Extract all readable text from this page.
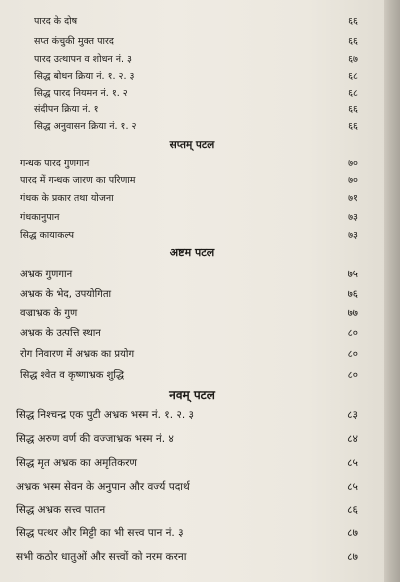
पारद के दोष	६६
सप्त कंचुकी मुक्त पारद	६६
पारद उत्थापन व शोधन नं. ३	६७
सिद्ध बोधन क्रिया नं. १. २. ३	६८
सिद्ध पारद नियमन नं. १. २	६८
संदीपन क्रिया नं. १	६६
सिद्ध अनुवासन क्रिया नं. १. २	६६
सप्तम् पटल
गन्धक पारद गुणगान	७०
पारद में गन्धक जारण का परिणाम	७०
गंधक के प्रकार तथा योजना	७१
गंधकानुपान	७३
सिद्ध कायाकल्प	७३
अष्टम पटल
अभ्रक गुणगान	७५
अभ्रक के भेद, उपयोगिता	७६
वज्राभ्रक के गुण	७७
अभ्रक के उत्पत्ति स्थान	८०
रोग निवारण में अभ्रक का प्रयोग	८०
सिद्ध श्वेत व कृष्णाभ्रक शुद्धि	८०
नवम् पटल
सिद्ध निश्चन्द्र एक पुटी अभ्रक भस्म नं. १. २. ३	८३
सिद्ध अरुण वर्ण की वज्जाभ्रक भस्म नं. ४	८४
सिद्ध मृत अभ्रक का अमृतिकरण	८५
अभ्रक भस्म सेवन के अनुपान और वर्ज्य पदार्थ	८५
सिद्ध अभ्रक सत्त्व पातन	८६
सिद्ध पत्थर और मिट्टी का भी सत्त्व पान नं. ३	८७
सभी कठोर धातुओं और सत्त्वों को नरम करना	८७
